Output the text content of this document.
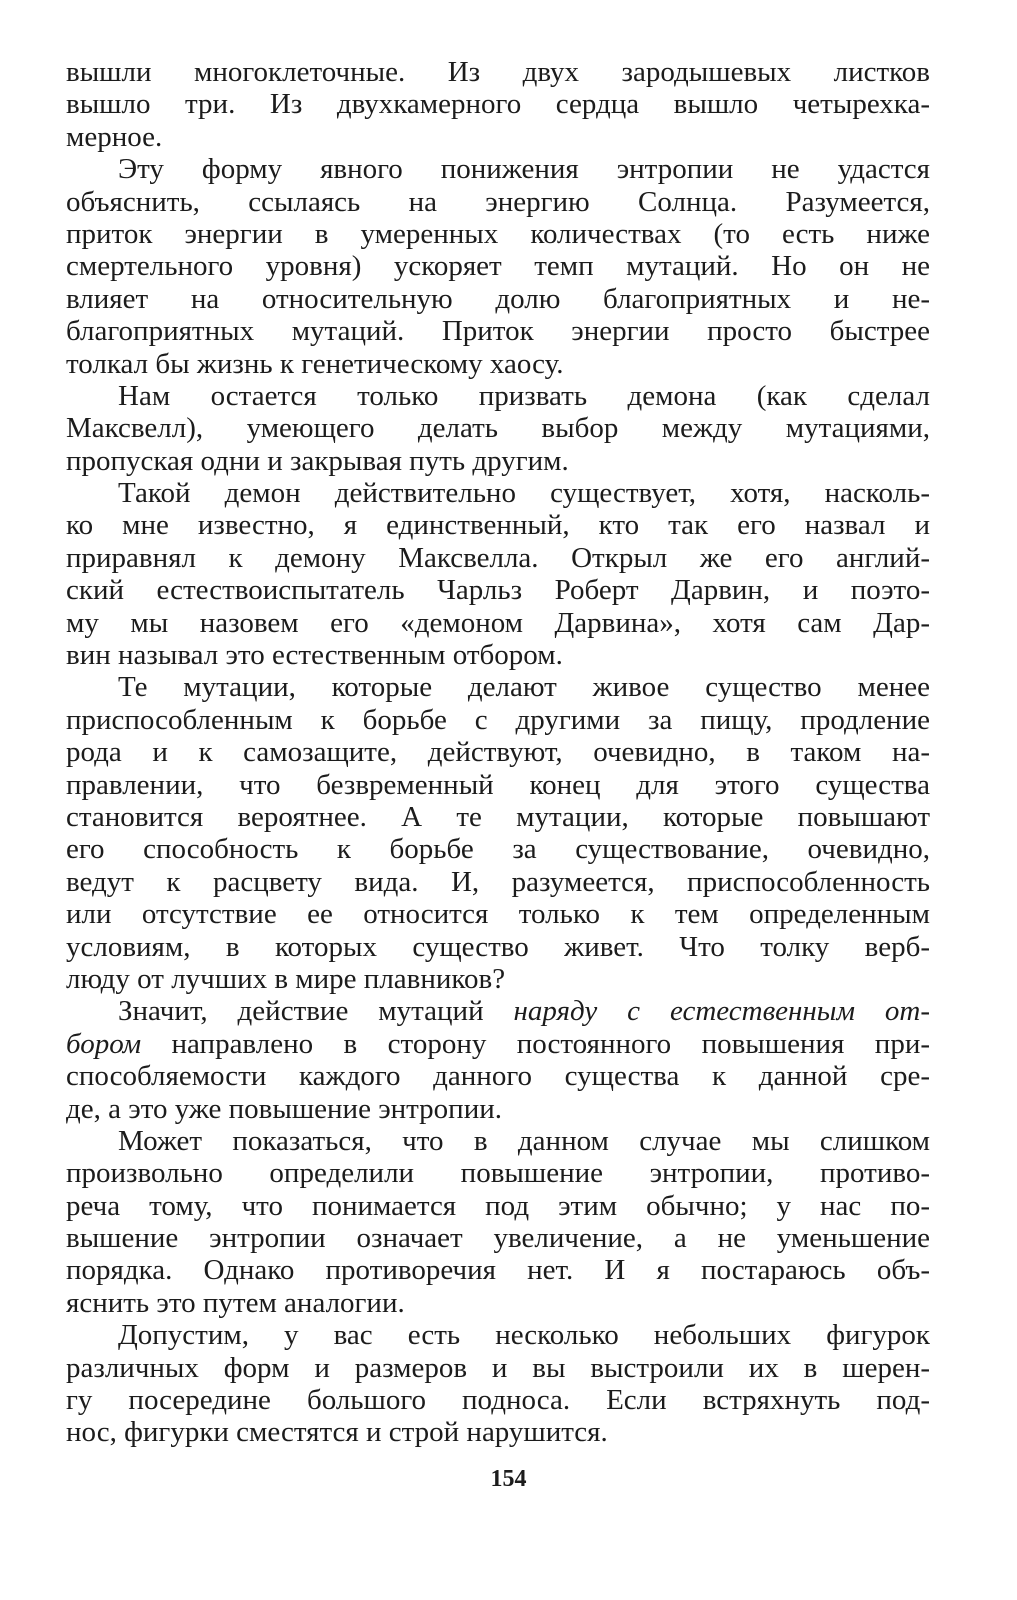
вышли многоклеточные. Из двух зародышевых листков
вышло три. Из двухкамерного сердца вышло четырехка-
мерное.
Эту форму явного понижения энтропии не удастся
объяснить, ссылаясь на энергию Солнца. Разумеется,
приток энергии в умеренных количествах (то есть ниже
смертельного уровня) ускоряет темп мутаций. Но он не
влияет на относительную долю благоприятных и не-
благоприятных мутаций. Приток энергии просто быстрее
толкал бы жизнь к генетическому хаосу.
Нам остается только призвать демона (как сделал
Максвелл), умеющего делать выбор между мутациями,
пропуская одни и закрывая путь другим.
Такой демон действительно существует, хотя, насколь-
ко мне известно, я единственный, кто так его назвал и
приравнял к демону Максвелла. Открыл же его англий-
ский естествоиспытатель Чарльз Роберт Дарвин, и поэто-
му мы назовем его «демоном Дарвина», хотя сам Дар-
вин называл это естественным отбором.
Те мутации, которые делают живое существо менее
приспособленным к борьбе с другими за пищу, продление
рода и к самозащите, действуют, очевидно, в таком на-
правлении, что безвременный конец для этого существа
становится вероятнее. А те мутации, которые повышают
его способность к борьбе за существование, очевидно,
ведут к расцвету вида. И, разумеется, приспособленность
или отсутствие ее относится только к тем определенным
условиям, в которых существо живет. Что толку верб-
люду от лучших в мире плавников?
Значит, действие мутаций наряду с естественным от-
бором направлено в сторону постоянного повышения при-
способляемости каждого данного существа к данной сре-
де, а это уже повышение энтропии.
Может показаться, что в данном случае мы слишком
произвольно определили повышение энтропии, противо-
реча тому, что понимается под этим обычно; у нас по-
вышение энтропии означает увеличение, а не уменьшение
порядка. Однако противоречия нет. И я постараюсь объ-
яснить это путем аналогии.
Допустим, у вас есть несколько небольших фигурок
различных форм и размеров и вы выстроили их в шерен-
гу посередине большого подноса. Если встряхнуть под-
нос, фигурки сместятся и строй нарушится.
154
